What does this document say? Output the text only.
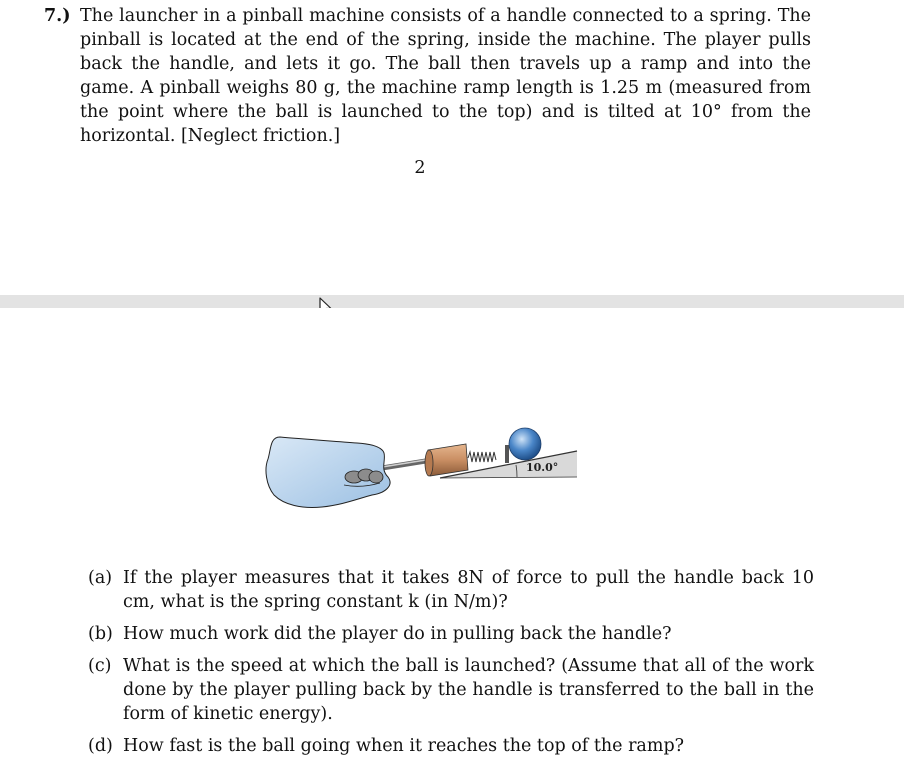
7.) The launcher in a pinball machine consists of a handle connected to a spring. The pinball is located at the end of the spring, inside the machine. The player pulls back the handle, and lets it go. The ball then travels up a ramp and into the game. A pinball weighs 80 g, the machine ramp length is 1.25 m (measured from the point where the ball is launched to the top) and is tilted at 10° from the horizontal. [Neglect friction.]
2
10.0°
(a) If the player measures that it takes 8N of force to pull the handle back 10 cm, what is the spring constant k (in N/m)?
(b) How much work did the player do in pulling back the handle?
(c) What is the speed at which the ball is launched? (Assume that all of the work done by the player pulling back by the handle is transferred to the ball in the form of kinetic energy).
(d) How fast is the ball going when it reaches the top of the ramp?
